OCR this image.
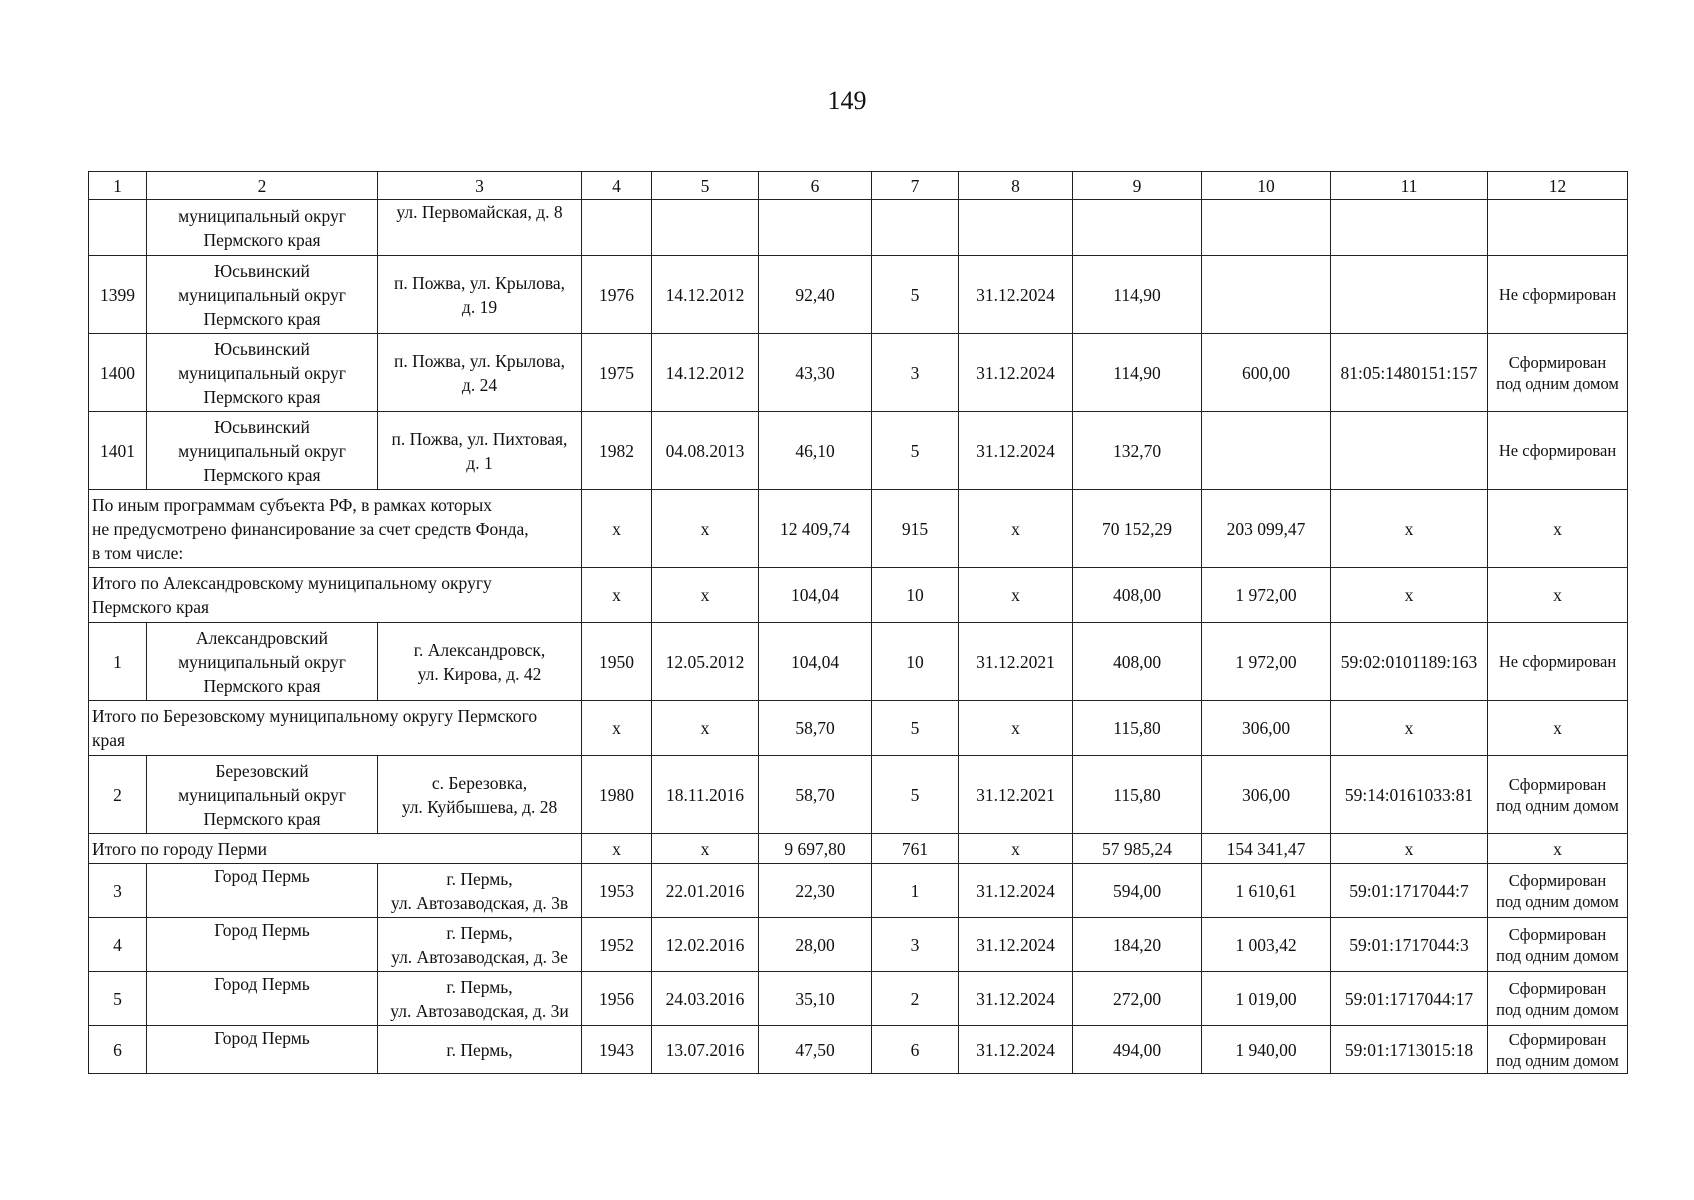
149
1	2	3	4	5	6	7	8	9	10	11	12

	муниципальный округ
Пермского края	ул. Первомайская, д. 8									

1399	Юсьвинский
муниципальный округ
Пермского края	п. Пожва, ул. Крылова,
д. 19	1976	14.12.2012	92,40	5	31.12.2024	114,90			Не сформирован

1400	Юсьвинский
муниципальный округ
Пермского края	п. Пожва, ул. Крылова,
д. 24	1975	14.12.2012	43,30	3	31.12.2024	114,90	600,00	81:05:1480151:157	Сформирован
под одним домом

1401	Юсьвинский
муниципальный округ
Пермского края	п. Пожва, ул. Пихтовая,
д. 1	1982	04.08.2013	46,10	5	31.12.2024	132,70			Не сформирован

По иным программам субъекта РФ, в рамках которых
не предусмотрено финансирование за счет средств Фонда,
в том числе:			х	х	12 409,74	915	х	70 152,29	203 099,47	х	х

Итого по Александровскому муниципальному округу
Пермского края			х	х	104,04	10	х	408,00	1 972,00	х	х
1	Александровский
муниципальный округ
Пермского края	г. Александровск,
ул. Кирова, д. 42	1950	12.05.2012	104,04	10	31.12.2021	408,00	1 972,00	59:02:0101189:163	Не сформирован

Итого по Березовскому муниципальному округу Пермского
края			х	х	58,70	5	х	115,80	306,00	х	х
2	Березовский
муниципальный округ
Пермского края	с. Березовка,
ул. Куйбышева, д. 28	1980	18.11.2016	58,70	5	31.12.2021	115,80	306,00	59:14:0161033:81	Сформирован
под одним домом

Итого по городу Перми			х	х	9 697,80	761	х	57 985,24	154 341,47	х	х
3	Город Пермь	г. Пермь,
ул. Автозаводская, д. 3в	1953	22.01.2016	22,30	1	31.12.2024	594,00	1 610,61	59:01:1717044:7	Сформирован
под одним домом

4	Город Пермь	г. Пермь,
ул. Автозаводская, д. 3е	1952	12.02.2016	28,00	3	31.12.2024	184,20	1 003,42	59:01:1717044:3	Сформирован
под одним домом

5	Город Пермь	г. Пермь,
ул. Автозаводская, д. 3и	1956	24.03.2016	35,10	2	31.12.2024	272,00	1 019,00	59:01:1717044:17	Сформирован
под одним домом

6	Город Пермь	г. Пермь,	1943	13.07.2016	47,50	6	31.12.2024	494,00	1 940,00	59:01:1713015:18	Сформирован
под одним домом
